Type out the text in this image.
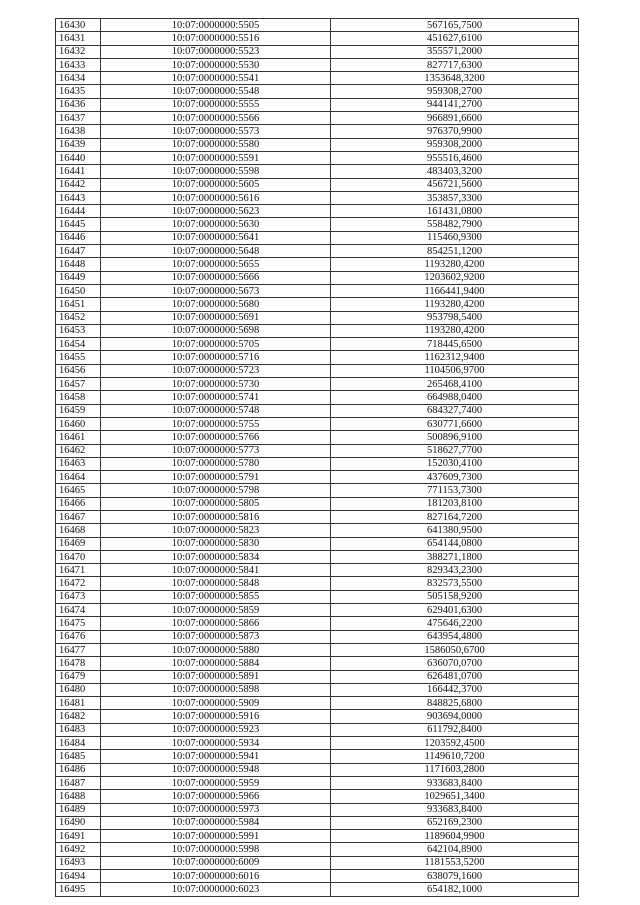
16430	10:07:0000000:5505	567165,7500
16431	10:07:0000000:5516	451627,6100
16432	10:07:0000000:5523	355571,2000
16433	10:07:0000000:5530	827717,6300
16434	10:07:0000000:5541	1353648,3200
16435	10:07:0000000:5548	959308,2700
16436	10:07:0000000:5555	944141,2700
16437	10:07:0000000:5566	966891,6600
16438	10:07:0000000:5573	976370,9900
16439	10:07:0000000:5580	959308,2000
16440	10:07:0000000:5591	955516,4600
16441	10:07:0000000:5598	483403,3200
16442	10:07:0000000:5605	456721,5600
16443	10:07:0000000:5616	353857,3300
16444	10:07:0000000:5623	161431,0800
16445	10:07:0000000:5630	558482,7900
16446	10:07:0000000:5641	115460,9300
16447	10:07:0000000:5648	854251,1200
16448	10:07:0000000:5655	1193280,4200
16449	10:07:0000000:5666	1203602,9200
16450	10:07:0000000:5673	1166441,9400
16451	10:07:0000000:5680	1193280,4200
16452	10:07:0000000:5691	953798,5400
16453	10:07:0000000:5698	1193280,4200
16454	10:07:0000000:5705	718445,6500
16455	10:07:0000000:5716	1162312,9400
16456	10:07:0000000:5723	1104506,9700
16457	10:07:0000000:5730	265468,4100
16458	10:07:0000000:5741	664988,0400
16459	10:07:0000000:5748	684327,7400
16460	10:07:0000000:5755	630771,6600
16461	10:07:0000000:5766	500896,9100
16462	10:07:0000000:5773	518627,7700
16463	10:07:0000000:5780	152030,4100
16464	10:07:0000000:5791	437609,7300
16465	10:07:0000000:5798	771153,7300
16466	10:07:0000000:5805	181203,8100
16467	10:07:0000000:5816	827164,7200
16468	10:07:0000000:5823	641380,9500
16469	10:07:0000000:5830	654144,0800
16470	10:07:0000000:5834	388271,1800
16471	10:07:0000000:5841	829343,2300
16472	10:07:0000000:5848	832573,5500
16473	10:07:0000000:5855	505158,9200
16474	10:07:0000000:5859	629401,6300
16475	10:07:0000000:5866	475646,2200
16476	10:07:0000000:5873	643954,4800
16477	10:07:0000000:5880	1586050,6700
16478	10:07:0000000:5884	636070,0700
16479	10:07:0000000:5891	626481,0700
16480	10:07:0000000:5898	166442,3700
16481	10:07:0000000:5909	848825,6800
16482	10:07:0000000:5916	903694,0000
16483	10:07:0000000:5923	611792,8400
16484	10:07:0000000:5934	1203592,4500
16485	10:07:0000000:5941	1149610,7200
16486	10:07:0000000:5948	1171603,2800
16487	10:07:0000000:5959	933683,8400
16488	10:07:0000000:5966	1029651,3400
16489	10:07:0000000:5973	933683,8400
16490	10:07:0000000:5984	652169,2300
16491	10:07:0000000:5991	1189604,9900
16492	10:07:0000000:5998	642104,8900
16493	10:07:0000000:6009	1181553,5200
16494	10:07:0000000:6016	638079,1600
16495	10:07:0000000:6023	654182,1000
